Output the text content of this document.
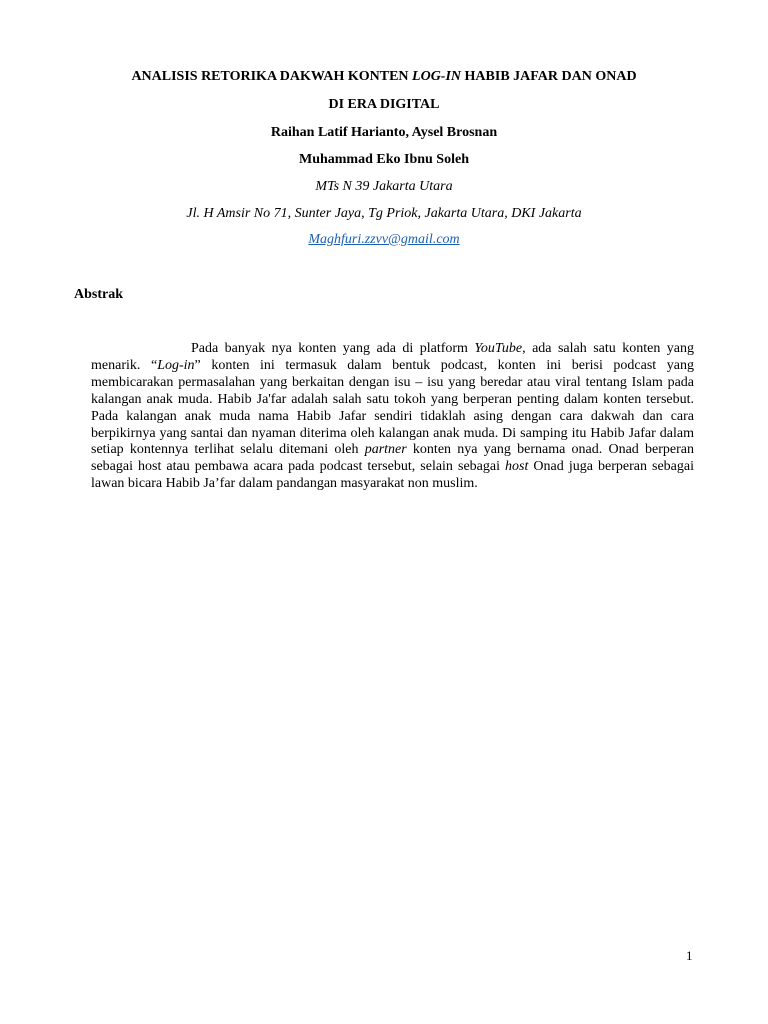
ANALISIS RETORIKA DAKWAH KONTEN LOG-IN HABIB JAFAR DAN ONAD
DI ERA DIGITAL
Raihan Latif Harianto, Aysel Brosnan
Muhammad Eko Ibnu Soleh
MTs N 39 Jakarta Utara
Jl. H Amsir No 71, Sunter Jaya, Tg Priok, Jakarta Utara, DKI Jakarta
Maghfuri.zzvv@gmail.com
Abstrak

Pada banyak nya konten yang ada di platform YouTube, ada salah satu konten yang menarik. “Log-in” konten ini termasuk dalam bentuk podcast, konten ini berisi podcast yang membicarakan permasalahan yang berkaitan dengan isu – isu yang beredar atau viral tentang Islam pada kalangan anak muda. Habib Ja'far adalah salah satu tokoh yang berperan penting dalam konten tersebut. Pada kalangan anak muda nama Habib Jafar sendiri tidaklah asing dengan cara dakwah dan cara berpikirnya yang santai dan nyaman diterima oleh kalangan anak muda. Di samping itu Habib Jafar dalam setiap kontennya terlihat selalu ditemani oleh partner konten nya yang bernama onad. Onad berperan sebagai host atau pembawa acara pada podcast tersebut, selain sebagai host Onad juga berperan sebagai lawan bicara Habib Ja’far dalam pandangan masyarakat non muslim.

1
